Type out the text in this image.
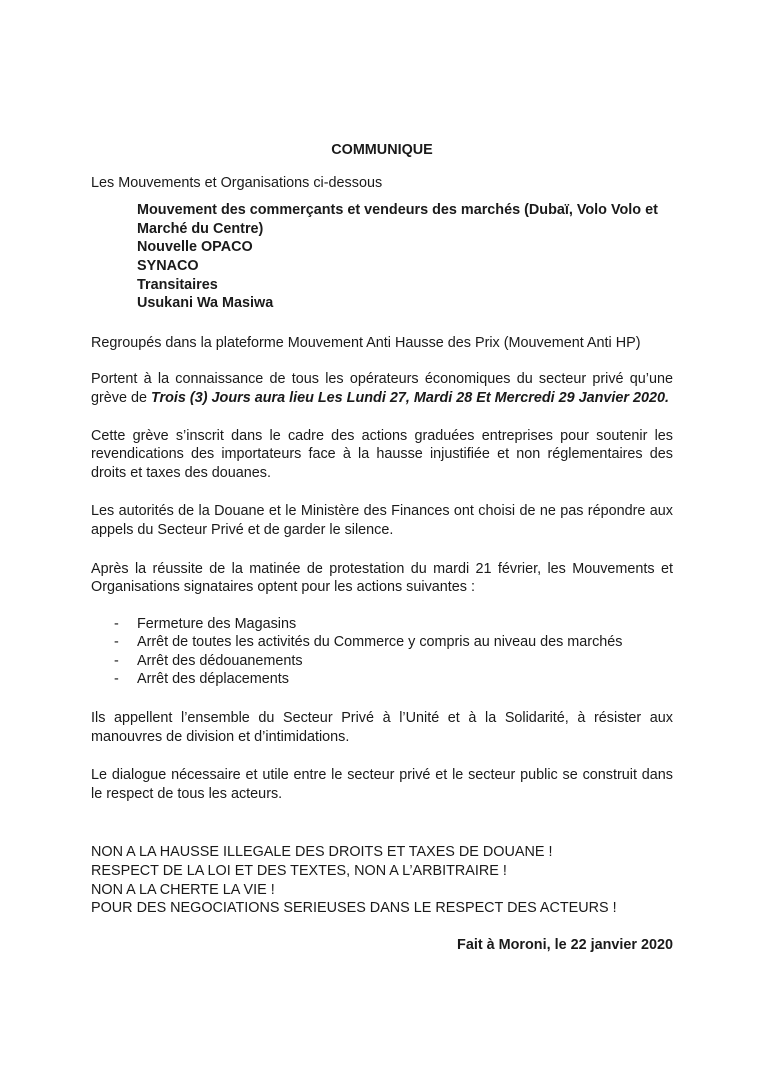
COMMUNIQUE

Les Mouvements et Organisations ci-dessous

Mouvement des commerçants et vendeurs des marchés (Dubaï, Volo Volo et Marché du Centre)
Nouvelle OPACO
SYNACO
Transitaires
Usukani Wa Masiwa

Regroupés dans la plateforme Mouvement Anti Hausse des Prix (Mouvement Anti HP)

Portent à la connaissance de tous les opérateurs économiques du secteur privé qu’une grève de Trois (3) Jours aura lieu Les Lundi 27, Mardi 28 Et Mercredi 29 Janvier 2020.

Cette grève s’inscrit dans le cadre des actions graduées entreprises pour soutenir les revendications des importateurs face à la hausse injustifiée et non réglementaires des droits et taxes des douanes.

Les autorités de la Douane et le Ministère des Finances ont choisi de ne pas répondre aux appels du Secteur Privé et de garder le silence.

Après la réussite de la matinée de protestation du mardi 21 février, les Mouvements et Organisations signataires optent pour les actions suivantes :

-	Fermeture des Magasins
-	Arrêt de toutes les activités du Commerce y compris au niveau des marchés
-	Arrêt des dédouanements
-	Arrêt des déplacements

Ils appellent l’ensemble du Secteur Privé à l’Unité et à la Solidarité, à résister aux manouvres de division et d’intimidations.

Le dialogue nécessaire et utile entre le secteur privé et le secteur public se construit dans le respect de tous les acteurs.

NON A LA HAUSSE ILLEGALE DES DROITS ET TAXES DE DOUANE !
RESPECT DE LA LOI ET DES TEXTES, NON A L’ARBITRAIRE !
NON A LA CHERTE LA VIE !
POUR DES NEGOCIATIONS SERIEUSES DANS LE RESPECT DES ACTEURS !

Fait à Moroni, le 22 janvier 2020
